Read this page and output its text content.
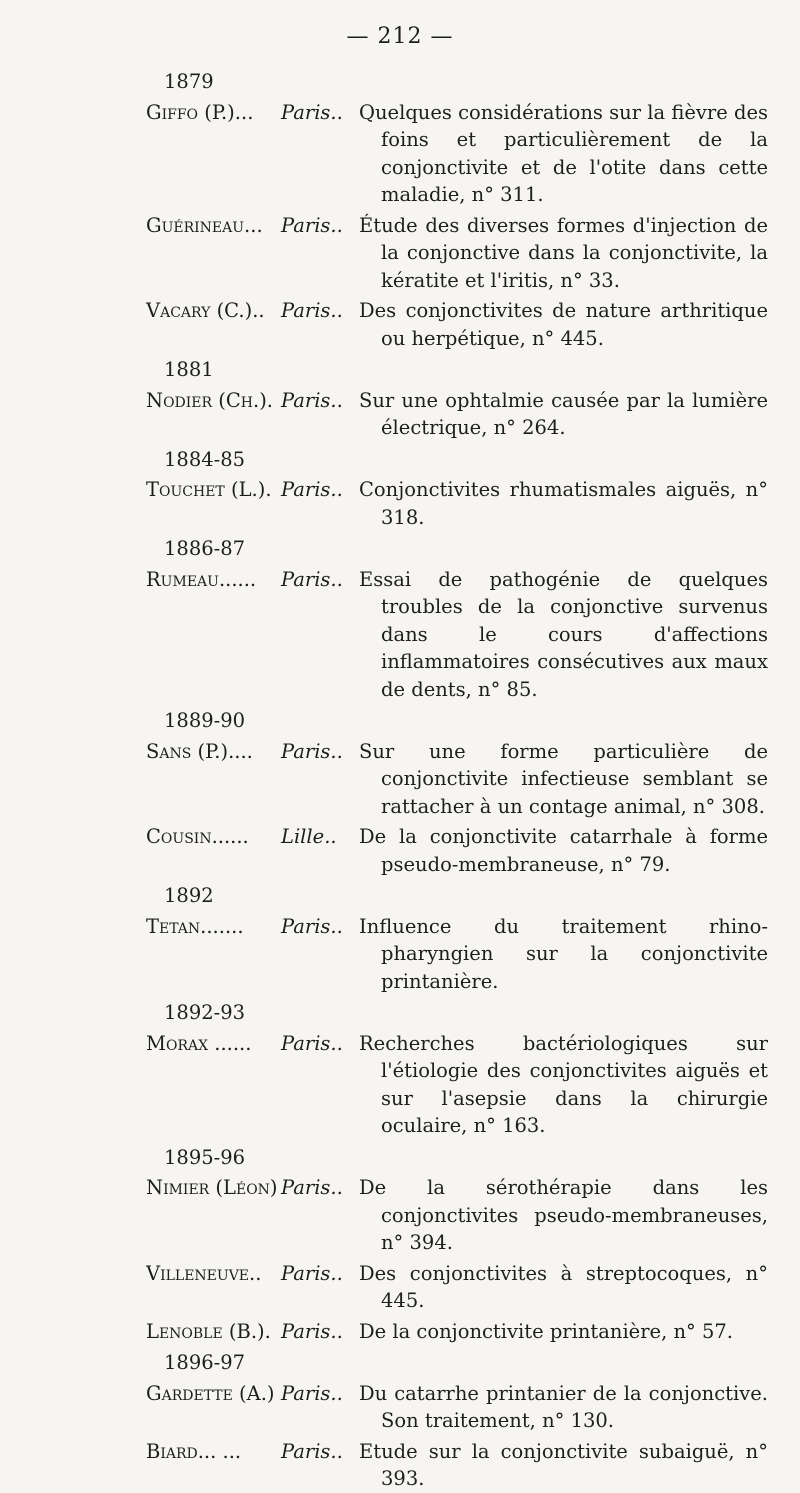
— 212 —
1879
Giffo (P.)...	Paris.. Quelques considérations sur la fièvre des foins et particulièrement de la conjonctivite et de l'otite dans cette maladie, n° 311.
Guérineau... Paris.. Étude des diverses formes d'injection de la conjonctive dans la conjonctivite, la kératite et l'iritis, n° 33.
Vacary (C.).. Paris.. Des conjonctivites de nature arthritique ou herpétique, n° 445.
1881
Nodier (Ch.). Paris.. Sur une ophtalmie causée par la lumière électrique, n° 264.
1884-85
Touchet (L.). Paris.. Conjonctivites rhumatismales aiguës, n° 318.
1886-87
Rumeau......	Paris.. Essai de pathogénie de quelques troubles de la conjonctive survenus dans le cours d'affections inflammatoires consécutives aux maux de dents, n° 85.
1889-90
Sans (P.)....	Paris.. Sur une forme particulière de conjonctivite infectieuse semblant se rattacher à un contage animal, n° 308.
Cousin......	Lille..	De la conjonctivite catarrhale à forme pseudo-membraneuse, n° 79.
1892
Tetan.......	Paris.. Influence du traitement rhino-pharyngien sur la conjonctivite printanière.
1892-93
Morax ......	Paris.. Recherches bactériologiques sur l'étiologie des conjonctivites aiguës et sur l'asepsie dans la chirurgie oculaire, n° 163.
1895-96
Nimier (Léon) Paris.. De la sérothérapie dans les conjonctivites pseudo-membraneuses, n° 394.
Villeneuve..	Paris.. Des conjonctivites à streptocoques, n° 445.
Lenoble (B.). Paris.. De la conjonctivite printanière, n° 57.
1896-97
Gardette (A.) Paris.. Du catarrhe printanier de la conjonctive. Son traitement, n° 130.
Biard... ...	Paris.. Etude sur la conjonctivite subaiguë, n° 393.
